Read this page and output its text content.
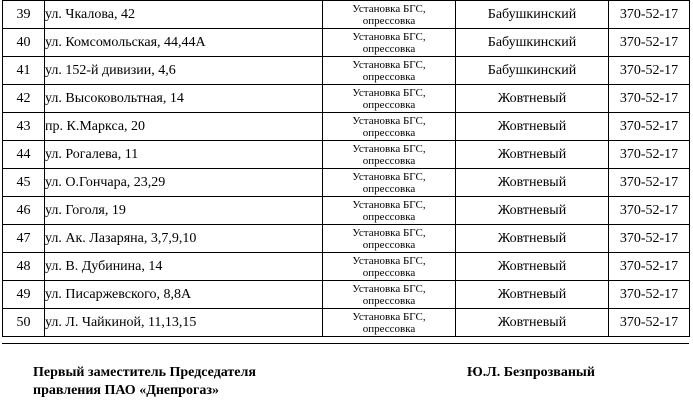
39	ул. Чкалова, 42	Установка БГС,
опрессовка	Бабушкинский	370-52-17
40	ул. Комсомольская, 44,44А	Установка БГС,
опрессовка	Бабушкинский	370-52-17
41	ул. 152-й дивизии, 4,6	Установка БГС,
опрессовка	Бабушкинский	370-52-17
42	ул. Высоковольтная, 14	Установка БГС,
опрессовка	Жовтневый	370-52-17
43	пр. К.Маркса, 20	Установка БГС,
опрессовка	Жовтневый	370-52-17
44	ул. Рогалева, 11	Установка БГС,
опрессовка	Жовтневый	370-52-17
45	ул. О.Гончара, 23,29	Установка БГС,
опрессовка	Жовтневый	370-52-17
46	ул. Гоголя, 19	Установка БГС,
опрессовка	Жовтневый	370-52-17
47	ул. Ак. Лазаряна, 3,7,9,10	Установка БГС,
опрессовка	Жовтневый	370-52-17
48	ул. В. Дубинина, 14	Установка БГС,
опрессовка	Жовтневый	370-52-17
49	ул. Писаржевского, 8,8А	Установка БГС,
опрессовка	Жовтневый	370-52-17
50	ул. Л. Чайкиной, 11,13,15	Установка БГС,
опрессовка	Жовтневый	370-52-17
Первый заместитель Председателя
правления ПАО «Днепрогаз»
Ю.Л. Безпрозваный
